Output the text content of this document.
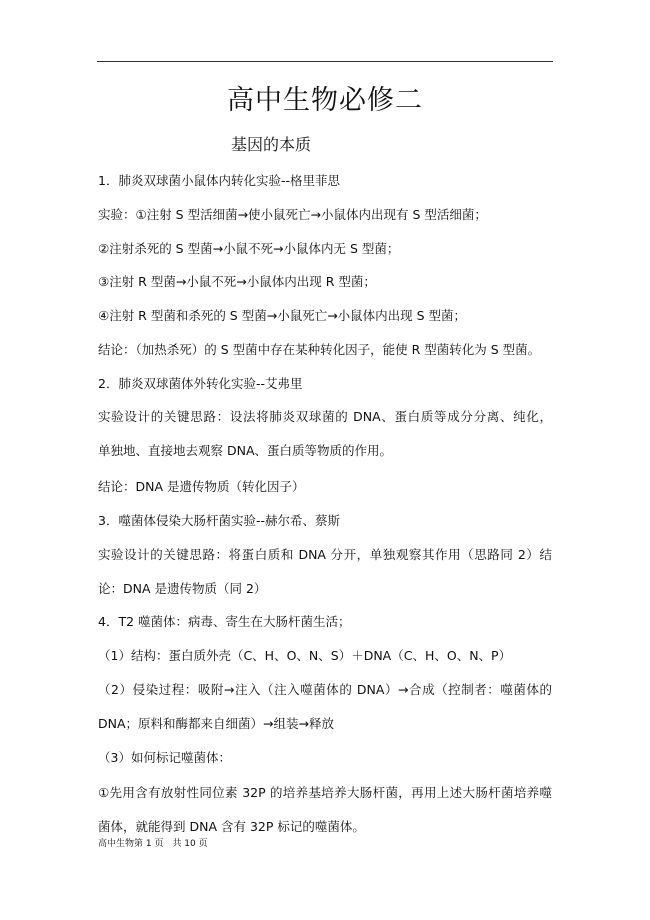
高中生物必修二
基因的本质
1．肺炎双球菌小鼠体内转化实验--格里菲思
实验：①注射 S 型活细菌→使小鼠死亡→小鼠体内出现有 S 型活细菌；
②注射杀死的 S 型菌→小鼠不死→小鼠体内无 S 型菌；
③注射 R 型菌→小鼠不死→小鼠体内出现 R 型菌；
④注射 R 型菌和杀死的 S 型菌→小鼠死亡→小鼠体内出现 S 型菌；
结论：（加热杀死）的 S 型菌中存在某种转化因子，能使 R 型菌转化为 S 型菌。
2．肺炎双球菌体外转化实验--艾弗里
实验设计的关键思路：设法将肺炎双球菌的 DNA、蛋白质等成分分离、纯化，
单独地、直接地去观察 DNA、蛋白质等物质的作用。
结论：DNA 是遗传物质（转化因子）
3．噬菌体侵染大肠杆菌实验--赫尔希、蔡斯
实验设计的关键思路：将蛋白质和 DNA 分开，单独观察其作用（思路同 2）结
论：DNA 是遗传物质（同 2）
4．T2 噬菌体：病毒、寄生在大肠杆菌生活；
（1）结构：蛋白质外壳（C、H、O、N、S）＋DNA（C、H、O、N、P）
（2）侵染过程：吸附→注入（注入噬菌体的 DNA）→合成（控制者：噬菌体的
DNA；原料和酶都来自细菌）→组装→释放
（3）如何标记噬菌体：
①先用含有放射性同位素 32P 的培养基培养大肠杆菌，再用上述大肠杆菌培养噬
菌体，就能得到 DNA 含有 32P 标记的噬菌体。
高中生物第 1 页　共 10 页
